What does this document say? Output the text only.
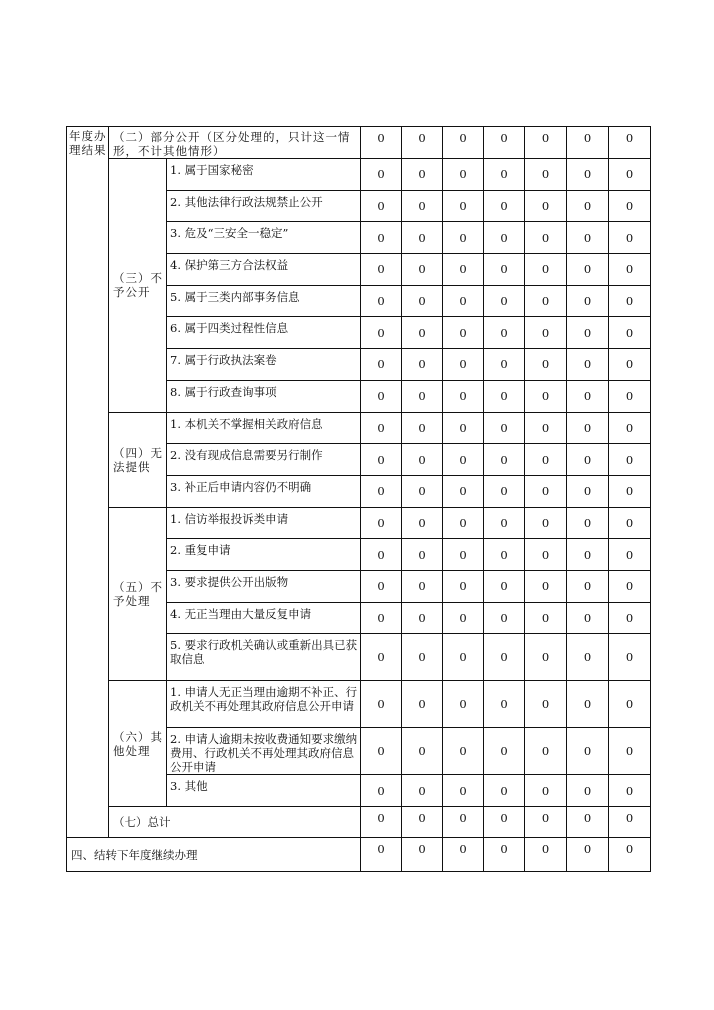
年度办理结果	（二）部分公开（区分处理的，只计这一情形，不计其他情形）		0	0	0	0	0	0	0
	（三）不予公开	1. 属于国家秘密	0	0	0	0	0	0	0
		2. 其他法律行政法规禁止公开	0	0	0	0	0	0	0
		3. 危及“三安全一稳定”	0	0	0	0	0	0	0
		4. 保护第三方合法权益	0	0	0	0	0	0	0
		5. 属于三类内部事务信息	0	0	0	0	0	0	0
		6. 属于四类过程性信息	0	0	0	0	0	0	0
		7. 属于行政执法案卷	0	0	0	0	0	0	0
		8. 属于行政查询事项	0	0	0	0	0	0	0
	（四）无法提供	1. 本机关不掌握相关政府信息	0	0	0	0	0	0	0
		2. 没有现成信息需要另行制作	0	0	0	0	0	0	0
		3. 补正后申请内容仍不明确	0	0	0	0	0	0	0
	（五）不予处理	1. 信访举报投诉类申请	0	0	0	0	0	0	0
		2. 重复申请	0	0	0	0	0	0	0
		3. 要求提供公开出版物	0	0	0	0	0	0	0
		4. 无正当理由大量反复申请	0	0	0	0	0	0	0
		5. 要求行政机关确认或重新出具已获取信息	0	0	0	0	0	0	0
	（六）其他处理	1. 申请人无正当理由逾期不补正、行政机关不再处理其政府信息公开申请	0	0	0	0	0	0	0
		2. 申请人逾期未按收费通知要求缴纳费用、行政机关不再处理其政府信息公开申请	0	0	0	0	0	0	0
		3. 其他	0	0	0	0	0	0	0
	（七）总计		0	0	0	0	0	0	0
四、结转下年度继续办理			0	0	0	0	0	0	0
